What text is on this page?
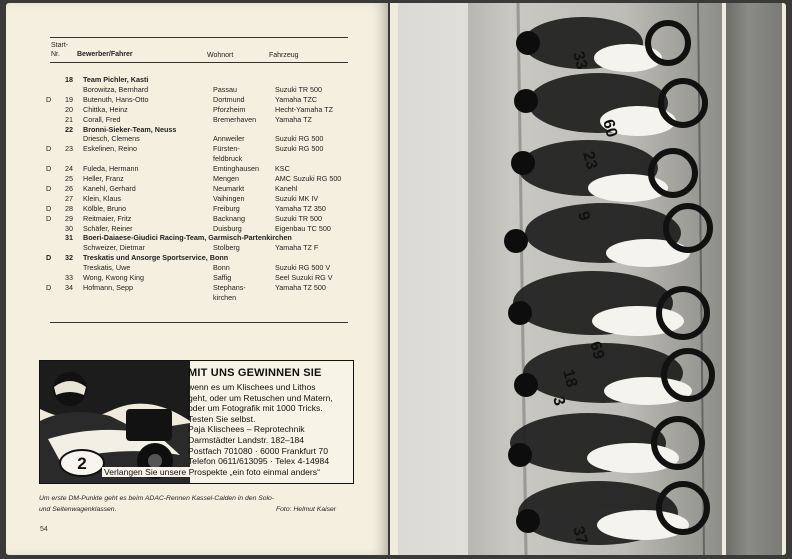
Start-
Nr.	Bewerber/Fahrer	Wohnort	Fahrzeug
18 Team Pichler, Kasti
Borowitza, Bernhard	Passau	Suzuki TR 500
D	19 Butenuth, Hans-Otto	Dortmund	Yamaha TZC
20 Chittka, Heinz	Pforzheim	Hecht-Yamaha TZ
21 Corall, Fred	Bremerhaven	Yamaha TZ
22 Bronni-Sieker-Team, Neuss
Driesch, Clemens	Annweiler	Suzuki RG 500
D	23 Eskelinen, Reino	Fürsten-	Suzuki RG 500
feldbruck
D	24 Fuleda, Hermann	Emtinghausen KSC
25 Heller, Franz	Mengen	AMC Suzuki RG 500
D	26 Kanehl, Gerhard	Neumarkt	Kanehl
27 Klein, Klaus	Vaihingen	Suzuki MK IV
D	28 Kölble, Bruno	Freiburg	Yamaha TZ 350
D	29 Reitmaier, Fritz	Backnang	Suzuki TR 500
30 Schäfer, Reiner	Duisburg	Eigenbau TC 500
31 Boeri-Daiaese-Giudici Racing-Team, Garmisch-Partenkirchen
Schweizer, Dietmar	Stolberg	Yamaha TZ F
D	32 Treskatis und Ansorge Sportservice, Bonn
Treskatis, Uwe	Bonn	Suzuki RG 500 V
33 Wong, Kwong King	Saffig	Seel Suzuki RG V
D	34 Hofmann, Sepp	Stephans-	Yamaha TZ 500
kirchen
2
MIT UNS GEWINNEN SIE
wenn es um Klischees und Lithos
geht, oder um Retuschen und Matern,
oder um Fotografik mit 1000 Tricks.
Testen Sie selbst.
Paja Klischees – Reprotechnik
Darmstädter Landstr. 182–184
Postfach 701080 · 6000 Frankfurt 70
Telefon 0611/613095 · Telex 4-14984
Verlangen Sie unsere Prospekte „ein foto einmal anders“
Um erste DM-Punkte geht es beim ADAC-Rennen Kassel-Calden in den Solo-
und Seitenwagenklassen.	Foto: Helmut Kaiser
54
33
60
23
9
69
18
37
3
